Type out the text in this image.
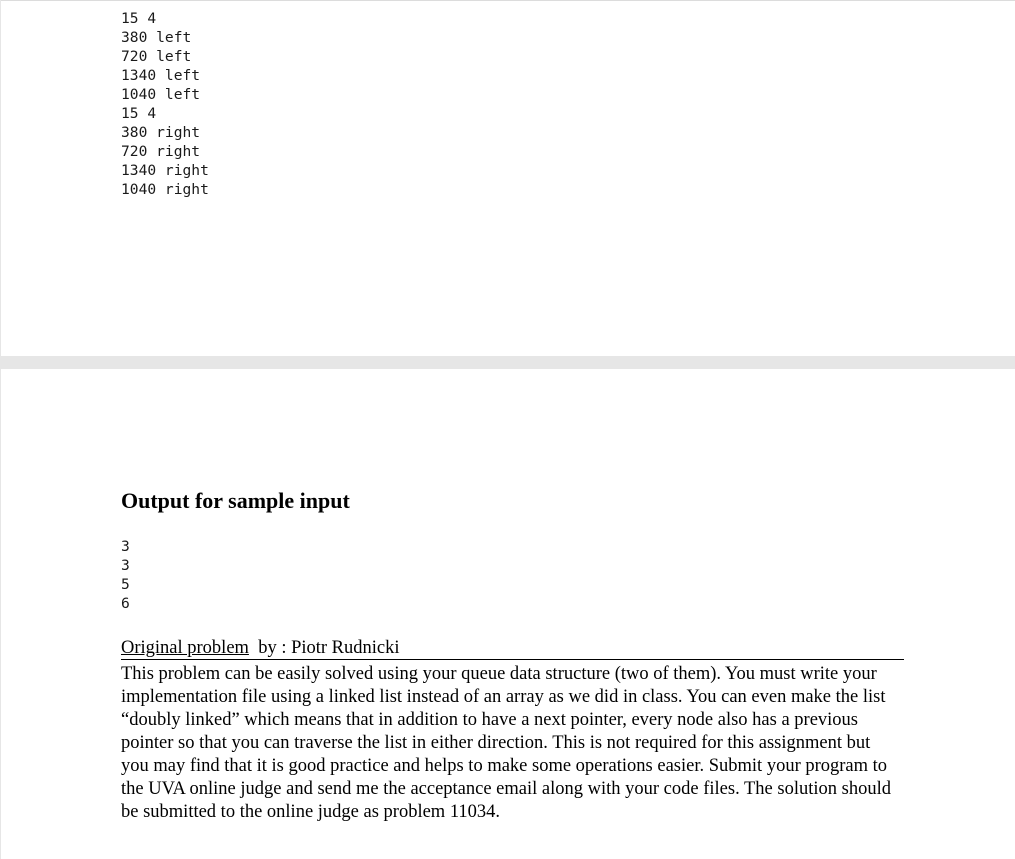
15 4
380 left
720 left
1340 left
1040 left
15 4
380 right
720 right
1340 right
1040 right
Output for sample input
3
3
5
6
Original problem  by : Piotr Rudnicki

This problem can be easily solved using your queue data structure (two of them). You must write your implementation file using a linked list instead of an array as we did in class. You can even make the list “doubly linked” which means that in addition to have a next pointer, every node also has a previous pointer so that you can traverse the list in either direction. This is not required for this assignment but you may find that it is good practice and helps to make some operations easier. Submit your program to the UVA online judge and send me the acceptance email along with your code files. The solution should be submitted to the online judge as problem 11034.
